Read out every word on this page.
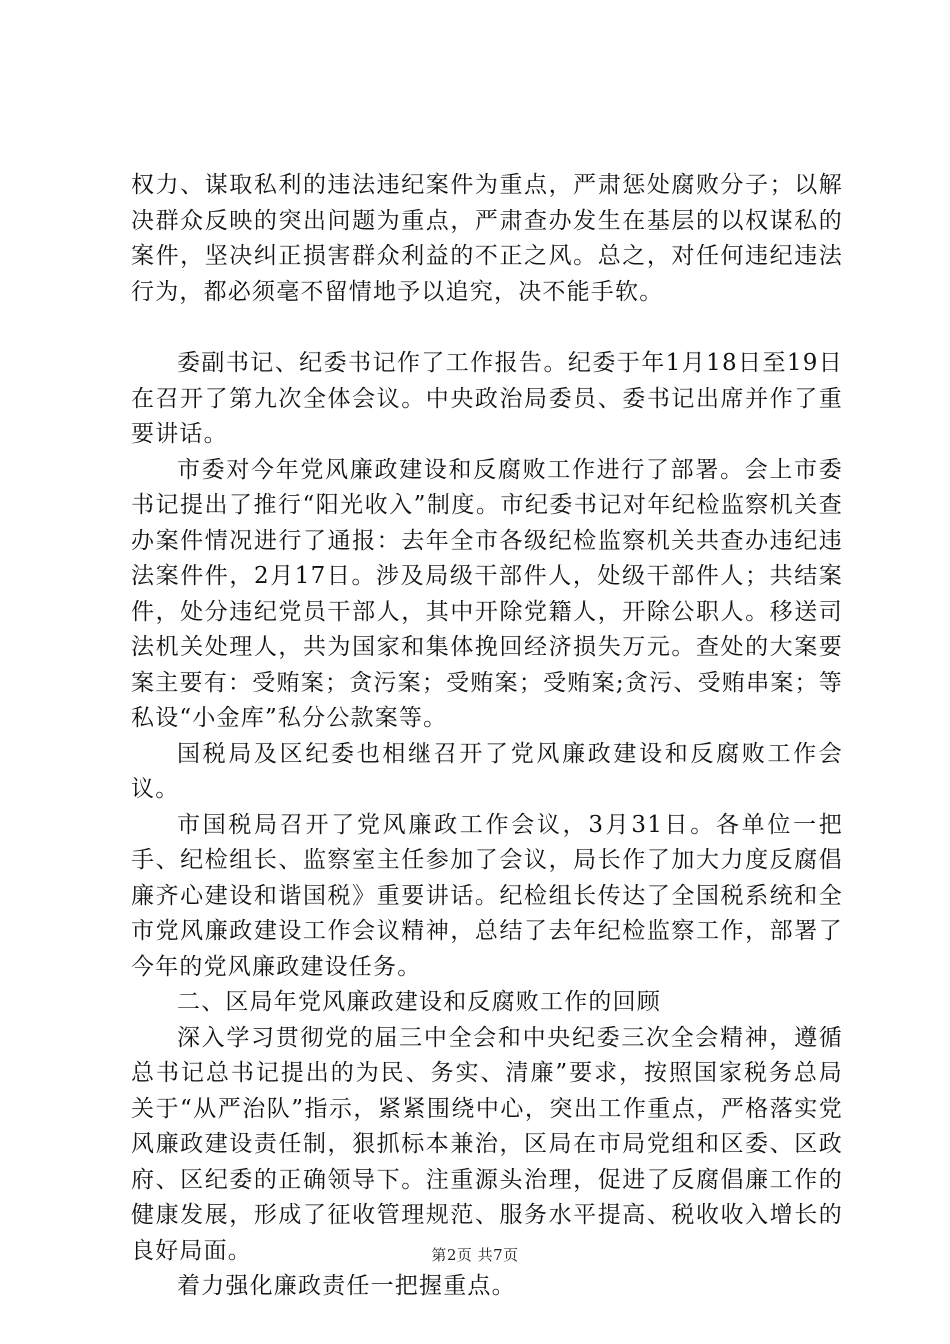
权力、谋取私利的违法违纪案件为重点，严肃惩处腐败分子；以解决群众反映的突出问题为重点，严肃查办发生在基层的以权谋私的案件，坚决纠正损害群众利益的不正之风。总之，对任何违纪违法行为，都必须毫不留情地予以追究，决不能手软。

委副书记、纪委书记作了工作报告。纪委于年1月18日至19日在召开了第九次全体会议。中央政治局委员、委书记出席并作了重要讲话。

市委对今年党风廉政建设和反腐败工作进行了部署。会上市委书记提出了推行“阳光收入”制度。市纪委书记对年纪检监察机关查办案件情况进行了通报：去年全市各级纪检监察机关共查办违纪违法案件件，2月17日。涉及局级干部件人，处级干部件人；共结案件，处分违纪党员干部人，其中开除党籍人，开除公职人。移送司法机关处理人，共为国家和集体挽回经济损失万元。查处的大案要案主要有：受贿案；贪污案；受贿案；受贿案;贪污、受贿串案；等私设“小金库”私分公款案等。

国税局及区纪委也相继召开了党风廉政建设和反腐败工作会议。

市国税局召开了党风廉政工作会议，3月31日。各单位一把手、纪检组长、监察室主任参加了会议，局长作了加大力度反腐倡廉齐心建设和谐国税》重要讲话。纪检组长传达了全国税系统和全市党风廉政建设工作会议精神，总结了去年纪检监察工作，部署了今年的党风廉政建设任务。

二、区局年党风廉政建设和反腐败工作的回顾

深入学习贯彻党的届三中全会和中央纪委三次全会精神，遵循总书记总书记提出的为民、务实、清廉”要求，按照国家税务总局关于“从严治队”指示，紧紧围绕中心，突出工作重点，严格落实党风廉政建设责任制，狠抓标本兼治，区局在市局党组和区委、区政府、区纪委的正确领导下。注重源头治理，促进了反腐倡廉工作的健康发展，形成了征收管理规范、服务水平提高、税收收入增长的良好局面。

着力强化廉政责任一把握重点。

第2页 共7页
